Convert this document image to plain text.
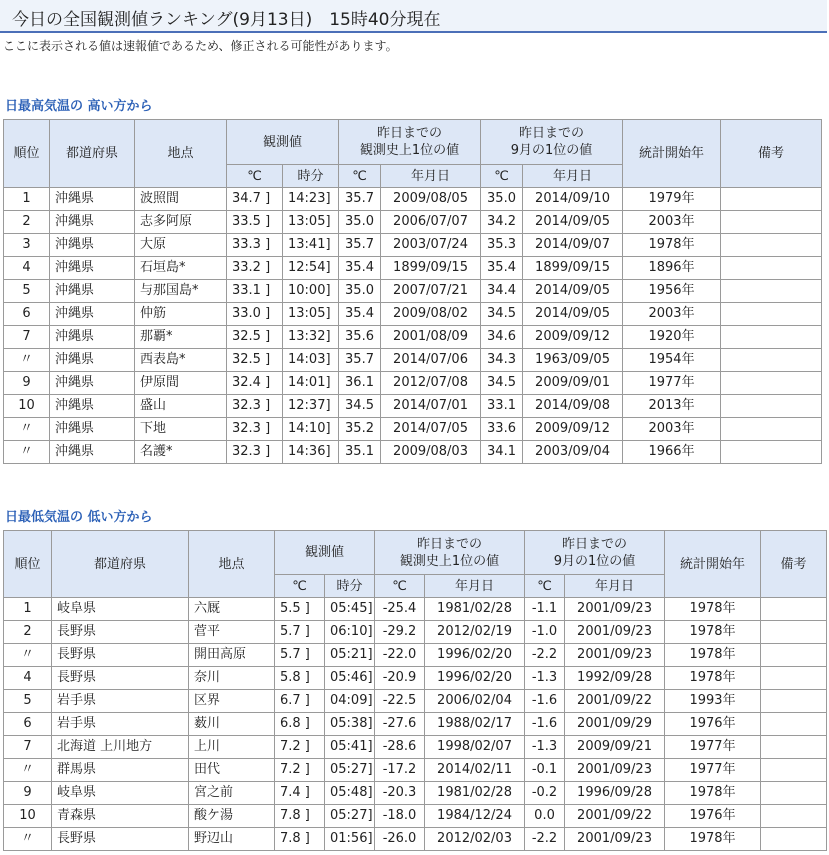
今日の全国観測値ランキング(9月13日)　15時40分現在
ここに表示される値は速報値であるため、修正される可能性があります。
日最高気温の 高い方から
順位	都道府県	地点	観測値		昨日までの
観測史上1位の値		昨日までの
9月の1位の値		統計開始年	備考
			℃	時分	℃	年月日	℃	年月日		
1	沖縄県	波照間	34.7 ]	14:23]	35.7	2009/08/05	35.0	2014/09/10	1979年	
2	沖縄県	志多阿原	33.5 ]	13:05]	35.0	2006/07/07	34.2	2014/09/05	2003年	
3	沖縄県	大原	33.3 ]	13:41]	35.7	2003/07/24	35.3	2014/09/07	1978年	
4	沖縄県	石垣島*	33.2 ]	12:54]	35.4	1899/09/15	35.4	1899/09/15	1896年	
5	沖縄県	与那国島*	33.1 ]	10:00]	35.0	2007/07/21	34.4	2014/09/05	1956年	
6	沖縄県	仲筋	33.0 ]	13:05]	35.4	2009/08/02	34.5	2014/09/05	2003年	
7	沖縄県	那覇*	32.5 ]	13:32]	35.6	2001/08/09	34.6	2009/09/12	1920年	
〃	沖縄県	西表島*	32.5 ]	14:03]	35.7	2014/07/06	34.3	1963/09/05	1954年	
9	沖縄県	伊原間	32.4 ]	14:01]	36.1	2012/07/08	34.5	2009/09/01	1977年	
10	沖縄県	盛山	32.3 ]	12:37]	34.5	2014/07/01	33.1	2014/09/08	2013年	
〃	沖縄県	下地	32.3 ]	14:10]	35.2	2014/07/05	33.6	2009/09/12	2003年	
〃	沖縄県	名護*	32.3 ]	14:36]	35.1	2009/08/03	34.1	2003/09/04	1966年	
日最低気温の 低い方から
順位	都道府県	地点	観測値		昨日までの
観測史上1位の値		昨日までの
9月の1位の値		統計開始年	備考
			℃	時分	℃	年月日	℃	年月日		
1	岐阜県	六厩	5.5 ]	05:45]	-25.4	1981/02/28	-1.1	2001/09/23	1978年	
2	長野県	菅平	5.7 ]	06:10]	-29.2	2012/02/19	-1.0	2001/09/23	1978年	
〃	長野県	開田高原	5.7 ]	05:21]	-22.0	1996/02/20	-2.2	2001/09/23	1978年	
4	長野県	奈川	5.8 ]	05:46]	-20.9	1996/02/20	-1.3	1992/09/28	1978年	
5	岩手県	区界	6.7 ]	04:09]	-22.5	2006/02/04	-1.6	2001/09/22	1993年	
6	岩手県	薮川	6.8 ]	05:38]	-27.6	1988/02/17	-1.6	2001/09/29	1976年	
7	北海道 上川地方	上川	7.2 ]	05:41]	-28.6	1998/02/07	-1.3	2009/09/21	1977年	
〃	群馬県	田代	7.2 ]	05:27]	-17.2	2014/02/11	-0.1	2001/09/23	1977年	
9	岐阜県	宮之前	7.4 ]	05:48]	-20.3	1981/02/28	-0.2	1996/09/28	1978年	
10	青森県	酸ケ湯	7.8 ]	05:27]	-18.0	1984/12/24	0.0	2001/09/22	1976年	
〃	長野県	野辺山	7.8 ]	01:56]	-26.0	2012/02/03	-2.2	2001/09/23	1978年	
